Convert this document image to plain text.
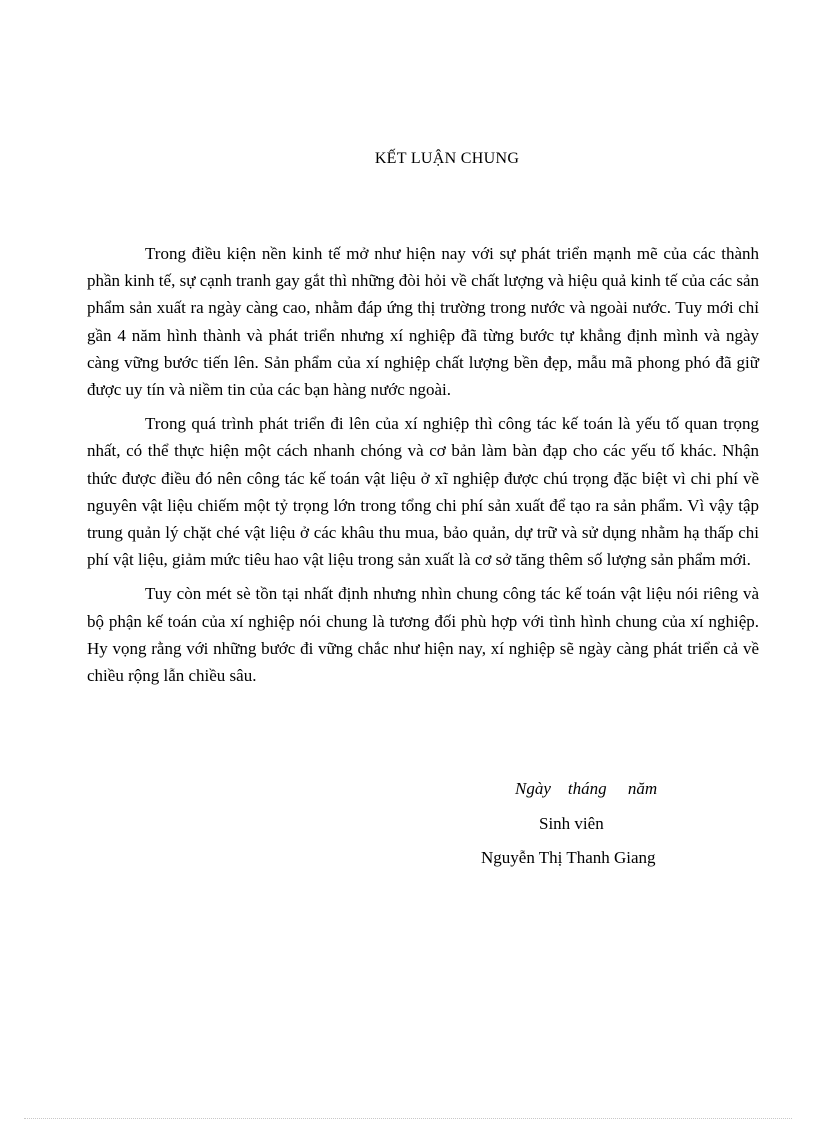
KẾT LUẬN CHUNG

Trong điều kiện nền kinh tế mở như hiện nay với sự phát triển mạnh mẽ của các thành phần kinh tế, sự cạnh tranh gay gắt thì những đòi hỏi về chất lượng và hiệu quả kinh tế của các sản phẩm sản xuất ra ngày càng cao, nhằm đáp ứng thị trường trong nước và ngoài nước. Tuy mới chỉ gần 4 năm hình thành và phát triển nhưng xí nghiệp đã từng bước tự khẳng định mình và ngày càng vững bước tiến lên. Sản phẩm của xí nghiệp chất lượng bền đẹp, mẫu mã phong phó đã giữ được uy tín và niềm tin của các bạn hàng nước ngoài.

Trong quá trình phát triển đi lên của xí nghiệp thì công tác kế toán là yếu tố quan trọng nhất, có thể thực hiện một cách nhanh chóng và cơ bản làm bàn đạp cho các yếu tố khác. Nhận thức được điều đó nên công tác kế toán vật liệu ở xĩ nghiệp được chú trọng đặc biệt vì chi phí về nguyên vật liệu chiếm một tỷ trọng lớn trong tổng chi phí sản xuất để tạo ra sản phẩm. Vì vậy tập trung quản lý chặt ché vật liệu ở các khâu thu mua, bảo quản, dự trữ và sử dụng nhằm hạ thấp chi phí vật liệu, giảm mức tiêu hao vật liệu trong sản xuất là cơ sở tăng thêm số lượng sản phẩm mới.

Tuy còn mét sè tồn tại nhất định nhưng nhìn chung công tác kế toán vật liệu nói riêng và bộ phận kế toán của xí nghiệp nói chung là tương đối phù hợp với tình hình chung của xí nghiệp. Hy vọng rằng với những bước đi vững chắc như hiện nay, xí nghiệp sẽ ngày càng phát triển cả về chiều rộng lẫn chiều sâu.

Ngày    tháng     năm
Sinh viên
Nguyễn Thị Thanh Giang
